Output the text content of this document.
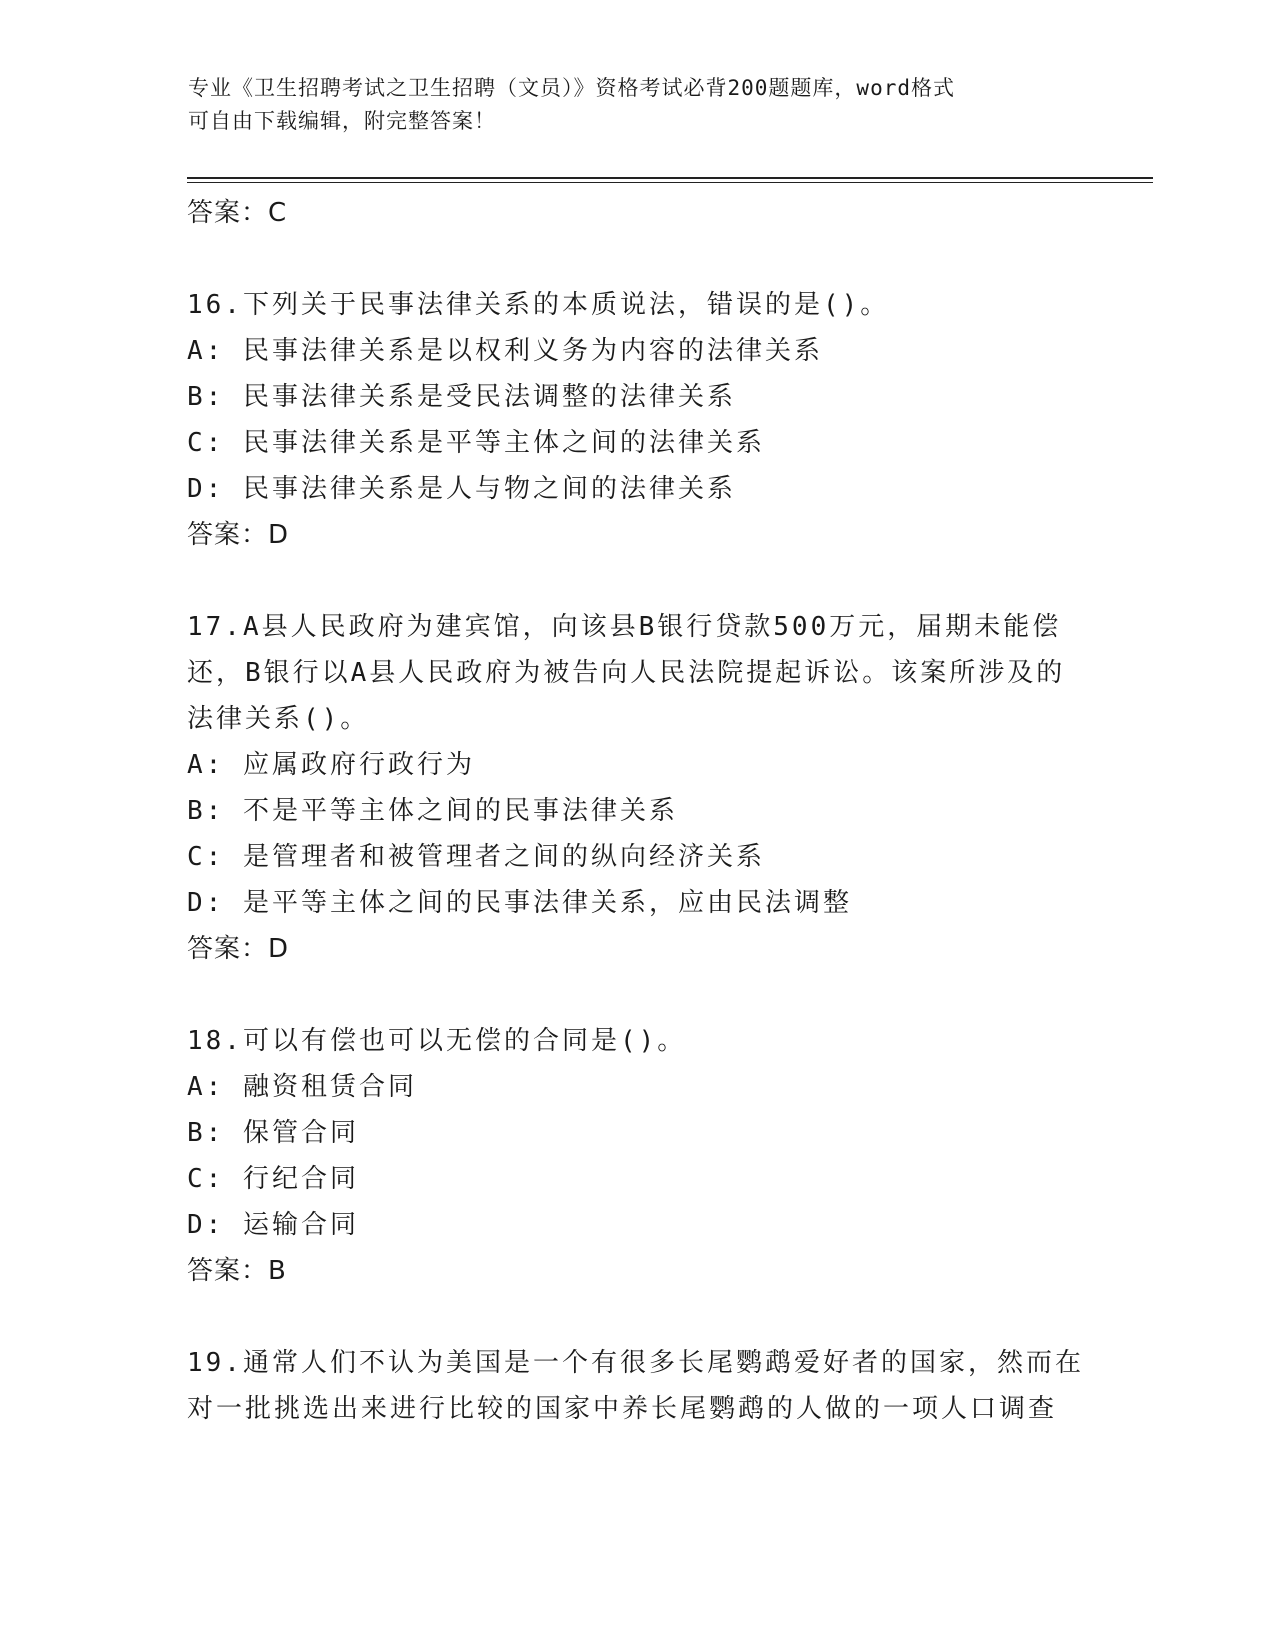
专业《卫生招聘考试之卫生招聘（文员）》资格考试必背200题题库，word格式
可自由下载编辑，附完整答案！
答案：C
16.下列关于民事法律关系的本质说法，错误的是()。
A: 民事法律关系是以权利义务为内容的法律关系
B: 民事法律关系是受民法调整的法律关系
C: 民事法律关系是平等主体之间的法律关系
D: 民事法律关系是人与物之间的法律关系
答案：D
17.A县人民政府为建宾馆，向该县B银行贷款500万元，届期未能偿
还，B银行以A县人民政府为被告向人民法院提起诉讼。该案所涉及的
法律关系()。
A: 应属政府行政行为
B: 不是平等主体之间的民事法律关系
C: 是管理者和被管理者之间的纵向经济关系
D: 是平等主体之间的民事法律关系，应由民法调整
答案：D
18.可以有偿也可以无偿的合同是()。
A: 融资租赁合同
B: 保管合同
C: 行纪合同
D: 运输合同
答案：B
19.通常人们不认为美国是一个有很多长尾鹦鹉爱好者的国家，然而在
对一批挑选出来进行比较的国家中养长尾鹦鹉的人做的一项人口调查
